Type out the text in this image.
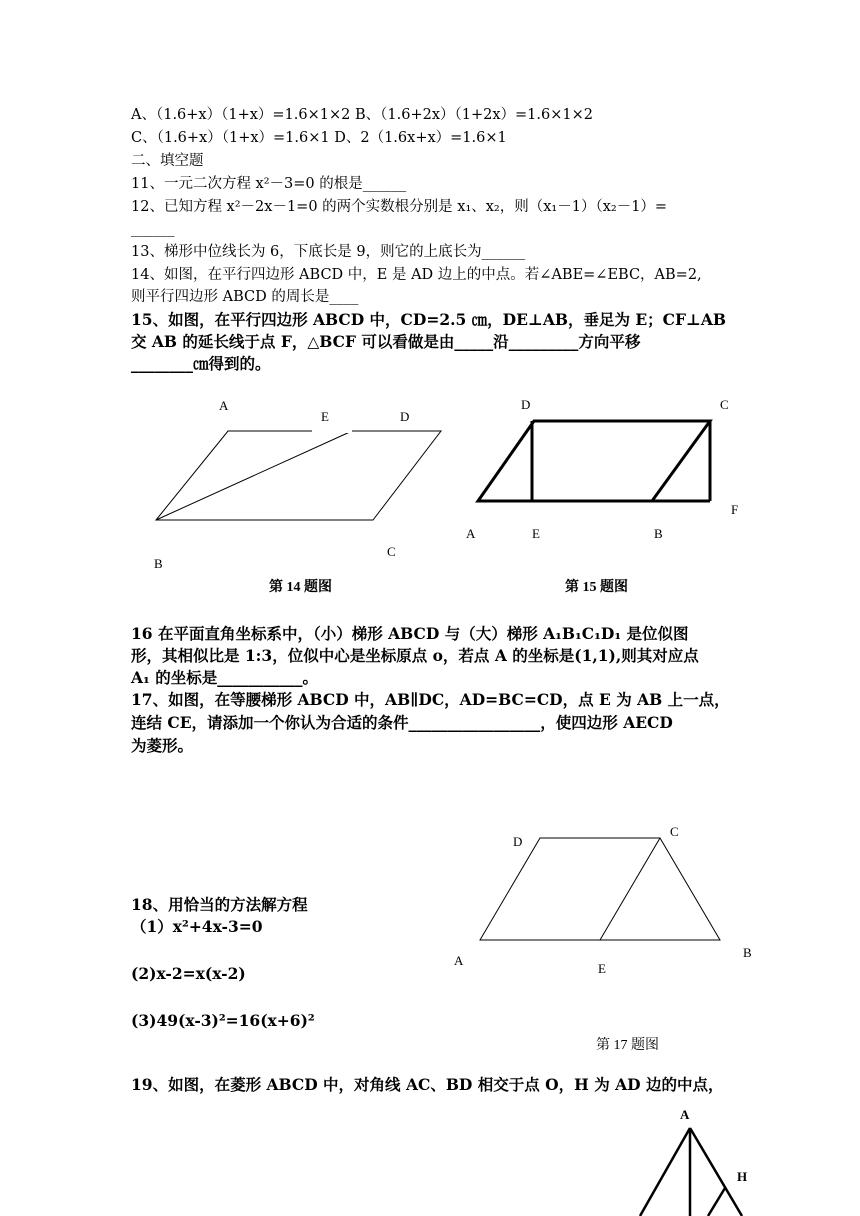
A、（1.6+x）（1+x）=1.6×1×2 B、（1.6+2x）（1+2x）=1.6×1×2
C、（1.6+x）（1+x）=1.6×1 D、2（1.6x+x）=1.6×1
二、填空题
11、一元二次方程 x²－3=0 的根是______
12、已知方程 x²－2x－1=0 的两个实数根分别是 x₁、x₂，则（x₁－1）（x₂－1）=
______
13、梯形中位线长为 6，下底长是 9，则它的上底长为______
14、如图，在平行四边形 ABCD 中，E 是 AD 边上的中点。若∠ABE=∠EBC，AB=2,
则平行四边形 ABCD 的周长是____
15、如图，在平行四边形 ABCD 中，CD=2.5 ㎝，DE⊥AB，垂足为 E；CF⊥AB
交 AB 的延长线于点 F，△BCF 可以看做是由_____沿_________方向平移
________㎝得到的。
A
E	D
B
C
第 14 题图
D	C
A	E	B
F
第 15 题图
16 在平面直角坐标系中，（小）梯形 ABCD 与（大）梯形 A₁B₁C₁D₁ 是位似图
形，其相似比是 1:3，位似中心是坐标原点 o，若点 A 的坐标是(1,1),则其对应点
A₁ 的坐标是___________。
17、如图，在等腰梯形 ABCD 中，AB∥DC，AD=BC=CD，点 E 为 AB 上一点，
连结 CE，请添加一个你认为合适的条件_________________，使四边形 AECD
为菱形。
D
C
A
E
B
第 17 题图
18、用恰当的方法解方程
（1）x²+4x-3=0
(2)x-2=x(x-2)
(3)49(x-3)²=16(x+6)²
19、如图，在菱形 ABCD 中，对角线 AC、BD 相交于点 O，H 为 AD 边的中点，
A
H
